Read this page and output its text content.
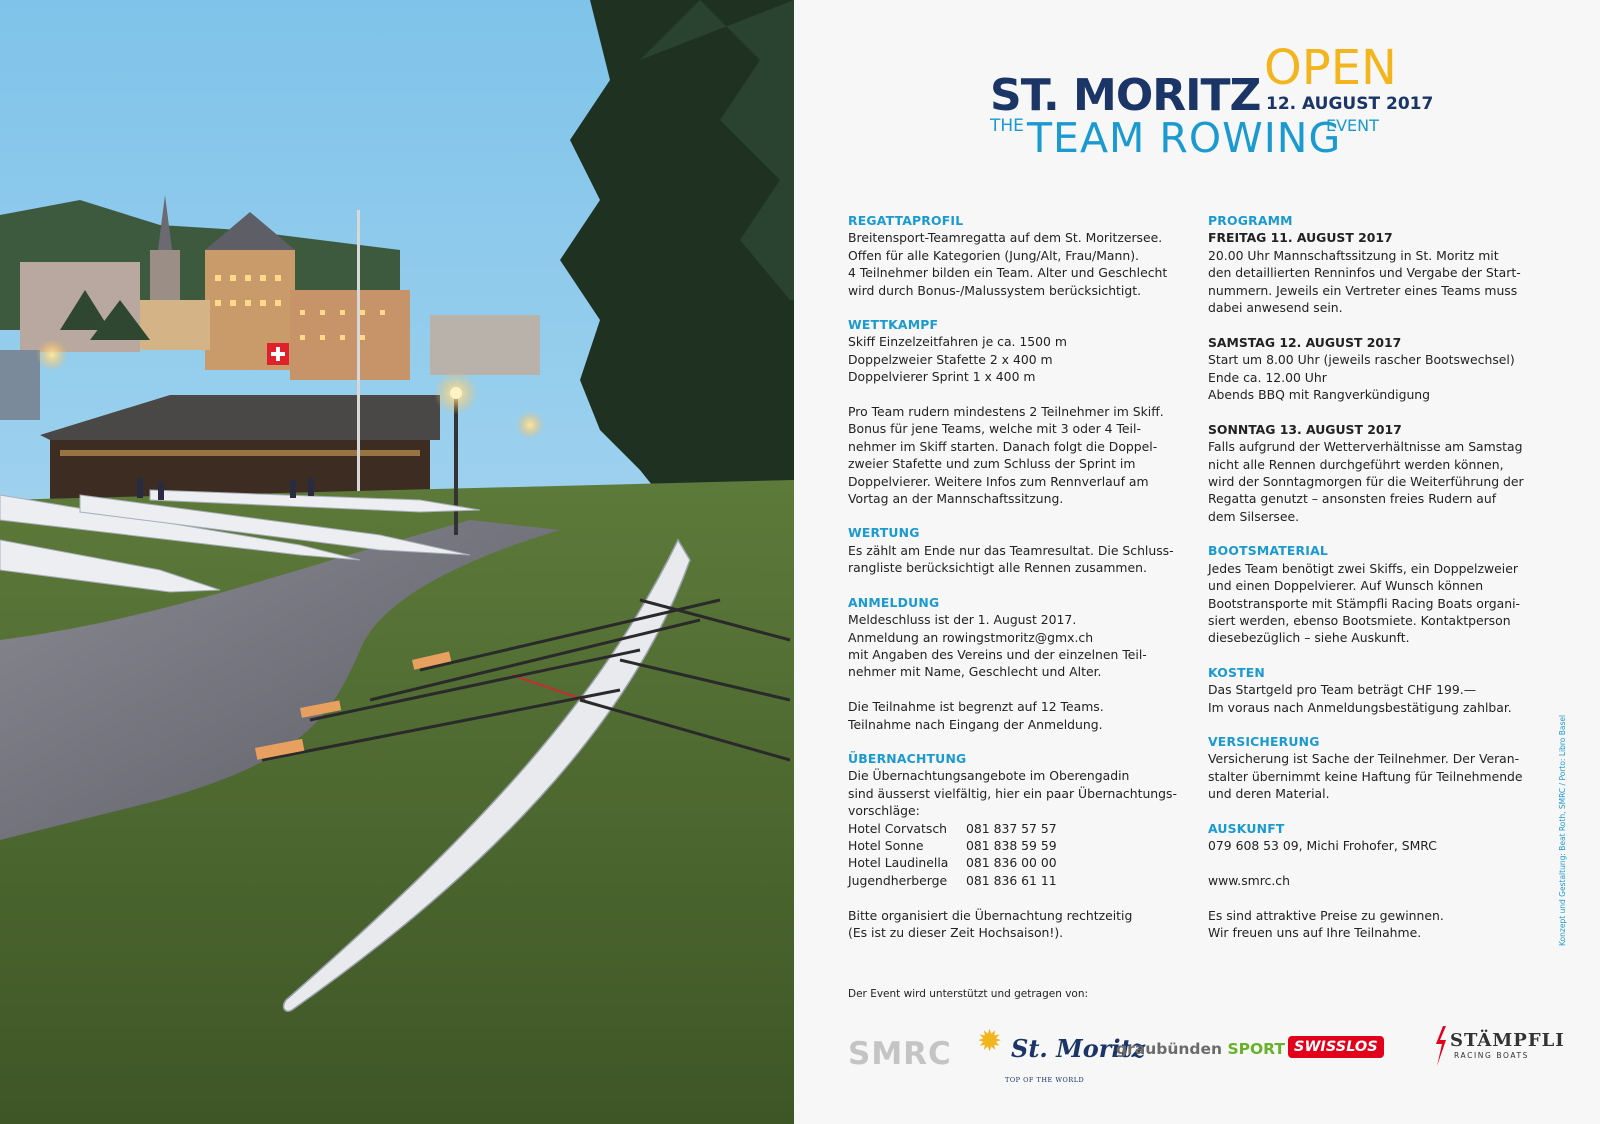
ST. MORITZ OPEN
12. AUGUST 2017
THE TEAM ROWING
EVENT
REGATTAPROFIL
Breitensport-Teamregatta auf dem St. Moritzersee.
Offen für alle Kategorien (Jung/Alt, Frau/Mann).
4 Teilnehmer bilden ein Team. Alter und Geschlecht
wird durch Bonus-/Malussystem berücksichtigt.
WETTKAMPF
Skiff Einzelzeitfahren je ca. 1500 m
Doppelzweier Stafette 2 x 400 m
Doppelvierer Sprint 1 x 400 m
Pro Team rudern mindestens 2 Teilnehmer im Skiff.
Bonus für jene Teams, welche mit 3 oder 4 Teil-
nehmer im Skiff starten. Danach folgt die Doppel-
zweier Stafette und zum Schluss der Sprint im
Doppelvierer. Weitere Infos zum Rennverlauf am
Vortag an der Mannschaftssitzung.
WERTUNG
Es zählt am Ende nur das Teamresultat. Die Schluss-
rangliste berücksichtigt alle Rennen zusammen.
ANMELDUNG
Meldeschluss ist der 1. August 2017.
Anmeldung an rowingstmoritz@gmx.ch
mit Angaben des Vereins und der einzelnen Teil-
nehmer mit Name, Geschlecht und Alter.
Die Teilnahme ist begrenzt auf 12 Teams.
Teilnahme nach Eingang der Anmeldung.
ÜBERNACHTUNG
Die Übernachtungsangebote im Oberengadin
sind äusserst vielfältig, hier ein paar Übernachtungs-
vorschläge:
Hotel Corvatsch	081 837 57 57
Hotel Sonne	081 838 59 59
Hotel Laudinella	081 836 00 00
Jugendherberge	081 836 61 11
Bitte organisiert die Übernachtung rechtzeitig
(Es ist zu dieser Zeit Hochsaison!).
PROGRAMM
FREITAG 11. AUGUST 2017
20.00 Uhr Mannschaftssitzung in St. Moritz mit
den detaillierten Renninfos und Vergabe der Start-
nummern. Jeweils ein Vertreter eines Teams muss
dabei anwesend sein.
SAMSTAG 12. AUGUST 2017
Start um 8.00 Uhr (jeweils rascher Bootswechsel)
Ende ca. 12.00 Uhr
Abends BBQ mit Rangverkündigung
SONNTAG 13. AUGUST 2017
Falls aufgrund der Wetterverhältnisse am Samstag
nicht alle Rennen durchgeführt werden können,
wird der Sonntagmorgen für die Weiterführung der
Regatta genutzt – ansonsten freies Rudern auf
dem Silsersee.
BOOTSMATERIAL
Jedes Team benötigt zwei Skiffs, ein Doppelzweier
und einen Doppelvierer. Auf Wunsch können
Bootstransporte mit Stämpfli Racing Boats organi-
siert werden, ebenso Bootsmiete. Kontaktperson
diesebezüglich – siehe Auskunft.
KOSTEN
Das Startgeld pro Team beträgt CHF 199.—
Im voraus nach Anmeldungsbestätigung zahlbar.
VERSICHERUNG
Versicherung ist Sache der Teilnehmer. Der Veran-
stalter übernimmt keine Haftung für Teilnehmende
und deren Material.
AUSKUNFT
079 608 53 09, Michi Frohofer, SMRC
www.smrc.ch
Es sind attraktive Preise zu gewinnen.
Wir freuen uns auf Ihre Teilnahme.
Der Event wird unterstützt und getragen von:
SMRC ✹ St. Moritz
TOP OF THE WORLD
graubünden SPORT SWISSLOS	STÄMPFLI
RACING BOATS
Konzept und Gestaltung: Beat Roth, SMRC / Porto: Libro Basel
